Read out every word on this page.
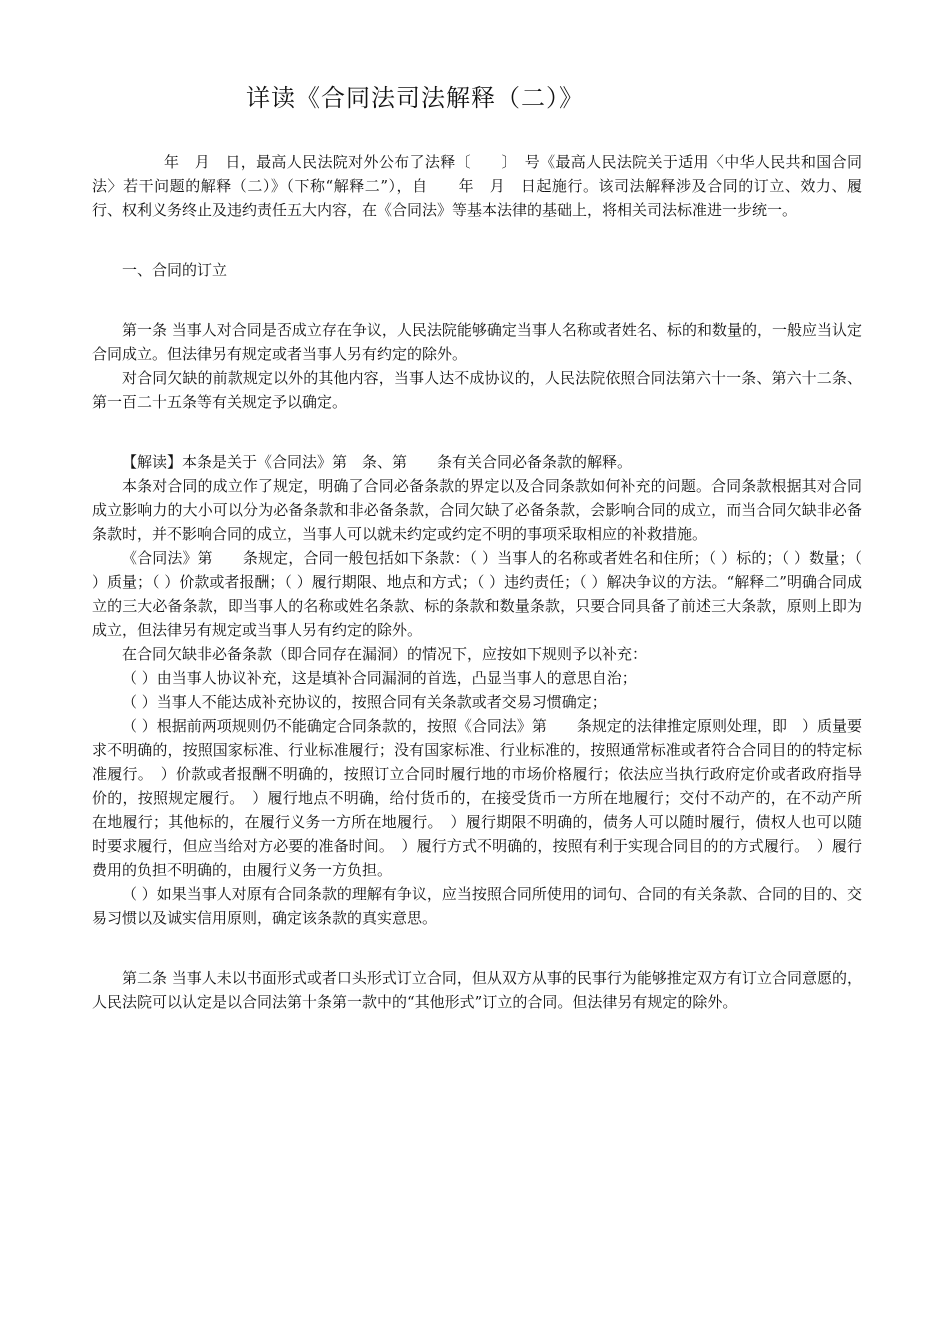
详读《合同法司法解释（二）》

年　月　日，最高人民法院对外公布了法释〔　　〕　号《最高人民法院关于适用〈中华人民共和国合同法〉若干问题的解释（二）》（下称“解释二”），自　　年　月　日起施行。该司法解释涉及合同的订立、效力、履行、权利义务终止及违约责任五大内容，在《合同法》等基本法律的基础上，将相关司法标准进一步统一。

一、合同的订立

第一条 当事人对合同是否成立存在争议，人民法院能够确定当事人名称或者姓名、标的和数量的，一般应当认定合同成立。但法律另有规定或者当事人另有约定的除外。

对合同欠缺的前款规定以外的其他内容，当事人达不成协议的，人民法院依照合同法第六十一条、第六十二条、第一百二十五条等有关规定予以确定。

【解读】本条是关于《合同法》第　条、第　　条有关合同必备条款的解释。

本条对合同的成立作了规定，明确了合同必备条款的界定以及合同条款如何补充的问题。合同条款根据其对合同成立影响力的大小可以分为必备条款和非必备条款，合同欠缺了必备条款，会影响合同的成立，而当合同欠缺非必备条款时，并不影响合同的成立，当事人可以就未约定或约定不明的事项采取相应的补救措施。

《合同法》第　　条规定，合同一般包括如下条款：（ ）当事人的名称或者姓名和住所；（ ）标的；（ ）数量；（ ）质量；（ ）价款或者报酬；（ ）履行期限、地点和方式；（ ）违约责任；（ ）解决争议的方法。“解释二”明确合同成立的三大必备条款，即当事人的名称或姓名条款、标的条款和数量条款，只要合同具备了前述三大条款，原则上即为成立，但法律另有规定或当事人另有约定的除外。

在合同欠缺非必备条款（即合同存在漏洞）的情况下，应按如下规则予以补充：

（ ）由当事人协议补充，这是填补合同漏洞的首选，凸显当事人的意思自治；

（ ）当事人不能达成补充协议的，按照合同有关条款或者交易习惯确定；

（ ）根据前两项规则仍不能确定合同条款的，按照《合同法》第　　条规定的法律推定原则处理，即　）质量要求不明确的，按照国家标准、行业标准履行；没有国家标准、行业标准的，按照通常标准或者符合合同目的的特定标准履行。　）价款或者报酬不明确的，按照订立合同时履行地的市场价格履行；依法应当执行政府定价或者政府指导价的，按照规定履行。　）履行地点不明确，给付货币的，在接受货币一方所在地履行；交付不动产的，在不动产所在地履行；其他标的，在履行义务一方所在地履行。　）履行期限不明确的，债务人可以随时履行，债权人也可以随时要求履行，但应当给对方必要的准备时间。　）履行方式不明确的，按照有利于实现合同目的的方式履行。　）履行费用的负担不明确的，由履行义务一方负担。

（ ）如果当事人对原有合同条款的理解有争议，应当按照合同所使用的词句、合同的有关条款、合同的目的、交易习惯以及诚实信用原则，确定该条款的真实意思。

第二条 当事人未以书面形式或者口头形式订立合同，但从双方从事的民事行为能够推定双方有订立合同意愿的，人民法院可以认定是以合同法第十条第一款中的“其他形式”订立的合同。但法律另有规定的除外。
